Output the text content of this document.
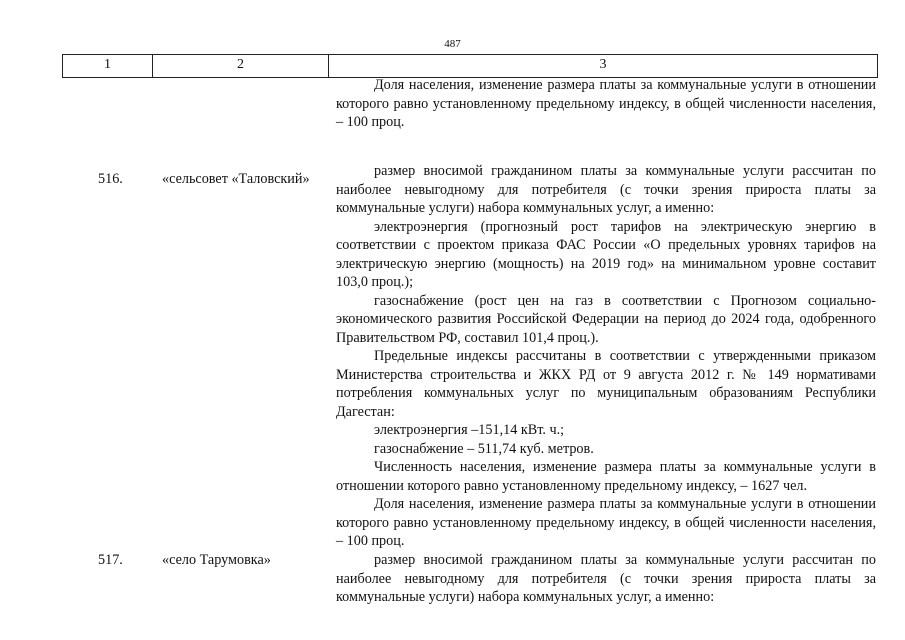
487
1	2	3

Доля населения, изменение размера платы за коммунальные услуги в отношении которого равно установленному предельному индексу, в общей численности населения, – 100 проц.

516.	«сельсовет «Таловский»	размер вносимой гражданином платы за коммунальные услуги рассчитан по наиболее невыгодному для потребителя (с точки зрения прироста платы за коммунальные услуги) набора коммунальных услуг, а именно:

электроэнергия (прогнозный рост тарифов на электрическую энергию в соответствии с проектом приказа ФАС России «О предельных уровнях тарифов на электрическую энергию (мощность) на 2019 год» на минимальном уровне составит 103,0 проц.);

газоснабжение (рост цен на газ в соответствии с Прогнозом социально-экономического развития Российской Федерации на период до 2024 года, одобренного Правительством РФ, составил 101,4 проц.).

Предельные индексы рассчитаны в соответствии с утвержденными приказом Министерства строительства и ЖКХ РД от 9 августа 2012 г. № 149 нормативами потребления коммунальных услуг по муниципальным образованиям Республики Дагестан:

электроэнергия –151,14 кВт. ч.;

газоснабжение – 511,74 куб. метров.

Численность населения, изменение размера платы за коммунальные услуги в отношении которого равно установленному предельному индексу, – 1627 чел.

Доля населения, изменение размера платы за коммунальные услуги в отношении которого равно установленному предельному индексу, в общей численности населения, – 100 проц.

517.	«село Тарумовка»	размер вносимой гражданином платы за коммунальные услуги рассчитан по наиболее невыгодному для потребителя (с точки зрения прироста платы за коммунальные услуги) набора коммунальных услуг, а именно:
